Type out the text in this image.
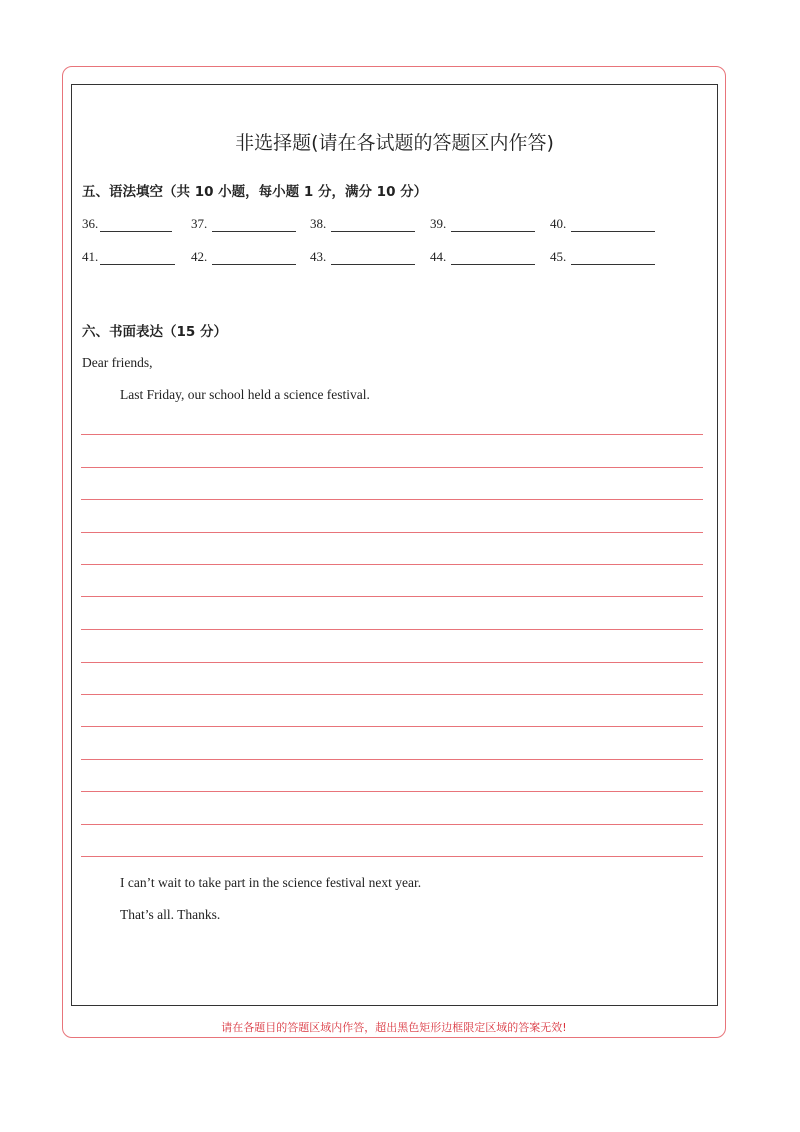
非选择题(请在各试题的答题区内作答)
五、语法填空（共 10 小题，每小题 1 分，满分 10 分）
36.	37.	38.	39.	40.
41.	42.	43.	44.	45.
六、书面表达（15 分）

Dear friends,

Last Friday, our school held a science festival.

I can’t wait to take part in the science festival next year.

That’s all. Thanks.

请在各题目的答题区域内作答，超出黑色矩形边框限定区域的答案无效!
